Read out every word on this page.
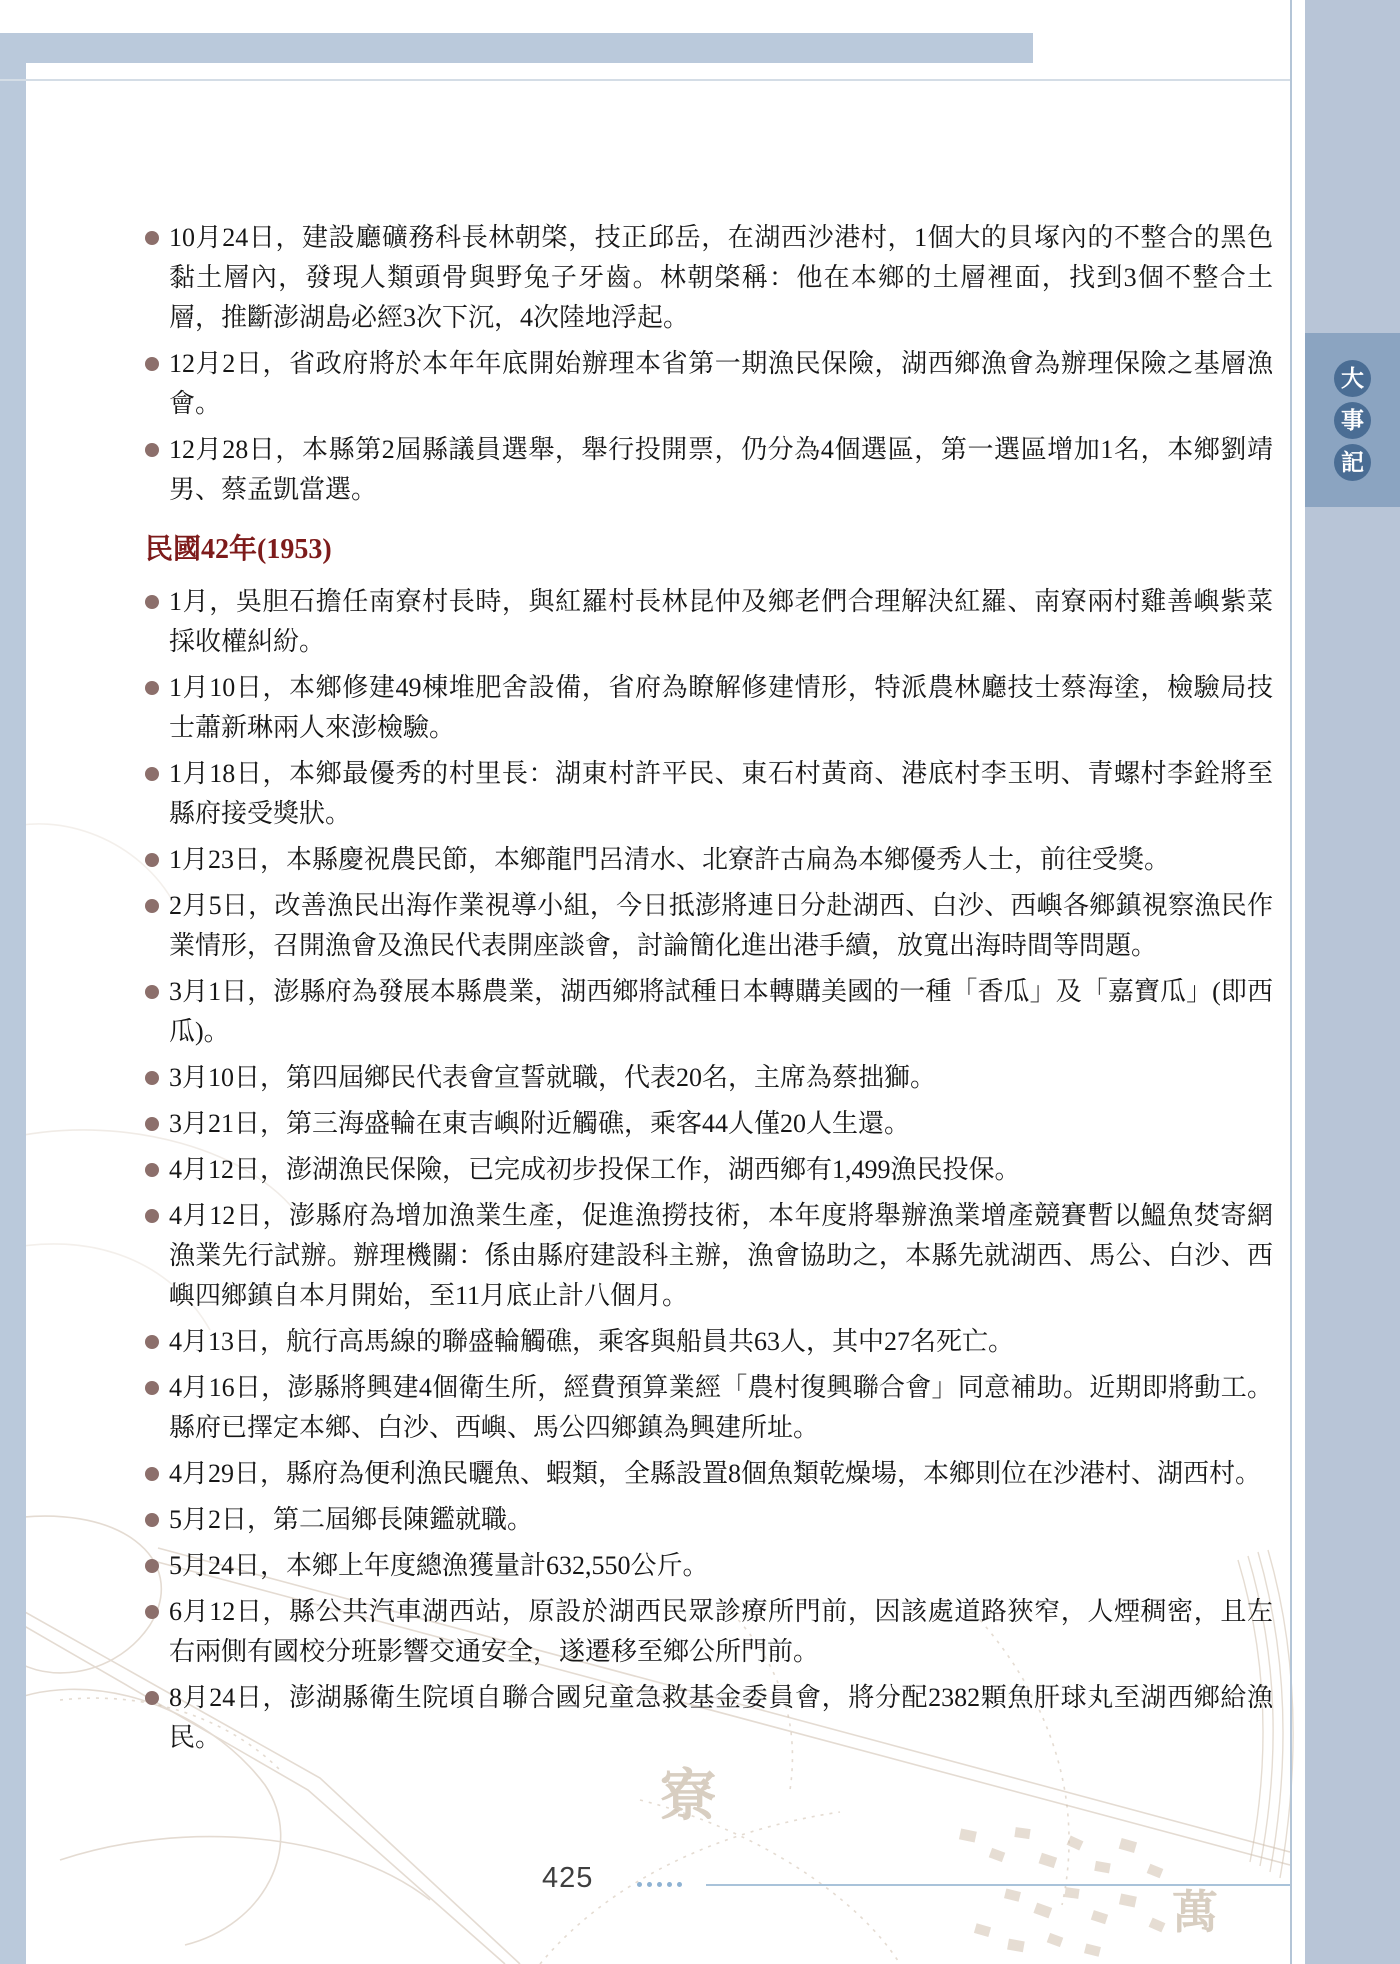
寮
萬
大
事
記
10月24日，建設廳礦務科長林朝棨，技正邱岳，在湖西沙港村，1個大的貝塚內的不整合的黑色黏土層內，發現人類頭骨與野兔子牙齒。林朝棨稱：他在本鄉的土層裡面，找到3個不整合土層，推斷澎湖島必經3次下沉，4次陸地浮起。
12月2日，省政府將於本年年底開始辦理本省第一期漁民保險，湖西鄉漁會為辦理保險之基層漁會。
12月28日，本縣第2屆縣議員選舉，舉行投開票，仍分為4個選區，第一選區增加1名，本鄉劉靖男、蔡孟凱當選。
民國42年(1953)
1月，吳胆石擔任南寮村長時，與紅羅村長林昆仲及鄉老們合理解決紅羅、南寮兩村雞善嶼紫菜採收權糾紛。
1月10日，本鄉修建49棟堆肥舍設備，省府為瞭解修建情形，特派農林廳技士蔡海塗，檢驗局技士蕭新琳兩人來澎檢驗。
1月18日，本鄉最優秀的村里長：湖東村許平民、東石村黃商、港底村李玉明、青螺村李銓將至縣府接受獎狀。
1月23日，本縣慶祝農民節，本鄉龍門呂清水、北寮許古扁為本鄉優秀人士，前往受獎。
2月5日，改善漁民出海作業視導小組，今日抵澎將連日分赴湖西、白沙、西嶼各鄉鎮視察漁民作業情形，召開漁會及漁民代表開座談會，討論簡化進出港手續，放寬出海時間等問題。
3月1日，澎縣府為發展本縣農業，湖西鄉將試種日本轉購美國的一種「香瓜」及「嘉寶瓜」(即西瓜)。
3月10日，第四屆鄉民代表會宣誓就職，代表20名，主席為蔡拙獅。
3月21日，第三海盛輪在東吉嶼附近觸礁，乘客44人僅20人生還。
4月12日，澎湖漁民保險，已完成初步投保工作，湖西鄉有1,499漁民投保。
4月12日，澎縣府為增加漁業生產，促進漁撈技術，本年度將舉辦漁業增產競賽暫以鰮魚焚寄網漁業先行試辦。辦理機關：係由縣府建設科主辦，漁會協助之，本縣先就湖西、馬公、白沙、西嶼四鄉鎮自本月開始，至11月底止計八個月。
4月13日，航行高馬線的聯盛輪觸礁，乘客與船員共63人，其中27名死亡。
4月16日，澎縣將興建4個衛生所，經費預算業經「農村復興聯合會」同意補助。近期即將動工。縣府已擇定本鄉、白沙、西嶼、馬公四鄉鎮為興建所址。
4月29日，縣府為便利漁民曬魚、蝦類，全縣設置8個魚類乾燥場，本鄉則位在沙港村、湖西村。
5月2日，第二屆鄉長陳鑑就職。
5月24日，本鄉上年度總漁獲量計632,550公斤。
6月12日，縣公共汽車湖西站，原設於湖西民眾診療所門前，因該處道路狹窄，人煙稠密，且左右兩側有國校分班影響交通安全，遂遷移至鄉公所門前。
8月24日，澎湖縣衛生院頃自聯合國兒童急救基金委員會，將分配2382顆魚肝球丸至湖西鄉給漁民。
425
